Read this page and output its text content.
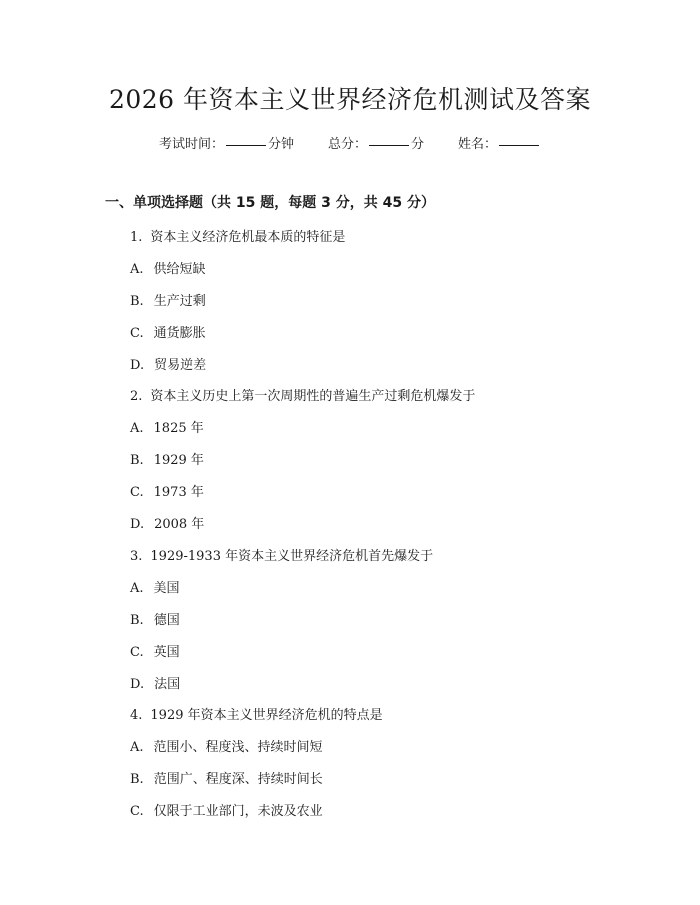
2026 年资本主义世界经济危机测试及答案
考试时间：	分钟	总分：	分	姓名：
一、单项选择题（共 15 题，每题 3 分，共 45 分）
1. 资本主义经济危机最本质的特征是
A. 供给短缺
B. 生产过剩
C. 通货膨胀
D. 贸易逆差
2. 资本主义历史上第一次周期性的普遍生产过剩危机爆发于
A. 1825 年
B. 1929 年
C. 1973 年
D. 2008 年
3. 1929-1933 年资本主义世界经济危机首先爆发于
A. 美国
B. 德国
C. 英国
D. 法国
4. 1929 年资本主义世界经济危机的特点是
A. 范围小、程度浅、持续时间短
B. 范围广、程度深、持续时间长
C. 仅限于工业部门，未波及农业
